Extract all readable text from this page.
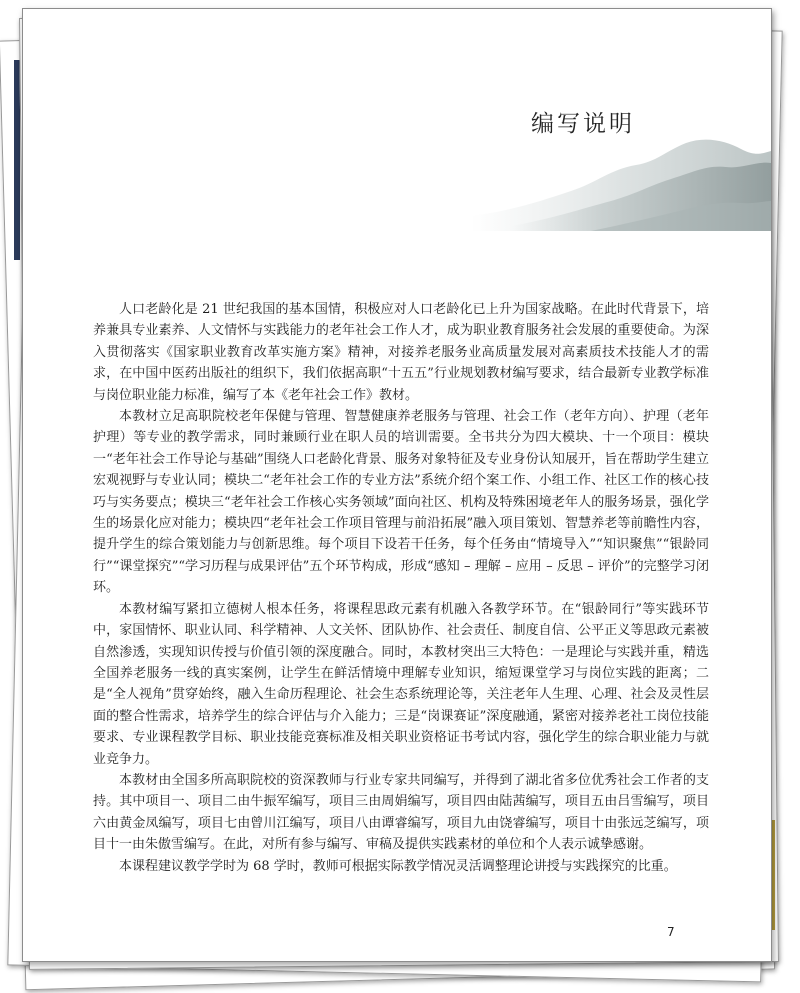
编写说明

人口老龄化是 21 世纪我国的基本国情，积极应对人口老龄化已上升为国家战略。在此时代背景下，培养兼具专业素养、人文情怀与实践能力的老年社会工作人才，成为职业教育服务社会发展的重要使命。为深入贯彻落实《国家职业教育改革实施方案》精神，对接养老服务业高质量发展对高素质技术技能人才的需求，在中国中医药出版社的组织下，我们依据高职“十五五”行业规划教材编写要求，结合最新专业教学标准与岗位职业能力标准，编写了本《老年社会工作》教材。

本教材立足高职院校老年保健与管理、智慧健康养老服务与管理、社会工作（老年方向）、护理（老年护理）等专业的教学需求，同时兼顾行业在职人员的培训需要。全书共分为四大模块、十一个项目：模块一“老年社会工作导论与基础”围绕人口老龄化背景、服务对象特征及专业身份认知展开，旨在帮助学生建立宏观视野与专业认同；模块二“老年社会工作的专业方法”系统介绍个案工作、小组工作、社区工作的核心技巧与实务要点；模块三“老年社会工作核心实务领域”面向社区、机构及特殊困境老年人的服务场景，强化学生的场景化应对能力；模块四“老年社会工作项目管理与前沿拓展”融入项目策划、智慧养老等前瞻性内容，提升学生的综合策划能力与创新思维。每个项目下设若干任务，每个任务由“情境导入”“知识聚焦”“银龄同行”“课堂探究”“学习历程与成果评估”五个环节构成，形成“感知 – 理解 – 应用 – 反思 – 评价”的完整学习闭环。

本教材编写紧扣立德树人根本任务，将课程思政元素有机融入各教学环节。在“银龄同行”等实践环节中，家国情怀、职业认同、科学精神、人文关怀、团队协作、社会责任、制度自信、公平正义等思政元素被自然渗透，实现知识传授与价值引领的深度融合。同时，本教材突出三大特色：一是理论与实践并重，精选全国养老服务一线的真实案例，让学生在鲜活情境中理解专业知识，缩短课堂学习与岗位实践的距离；二是“全人视角”贯穿始终，融入生命历程理论、社会生态系统理论等，关注老年人生理、心理、社会及灵性层面的整合性需求，培养学生的综合评估与介入能力；三是“岗课赛证”深度融通，紧密对接养老社工岗位技能要求、专业课程教学目标、职业技能竞赛标准及相关职业资格证书考试内容，强化学生的综合职业能力与就业竞争力。

本教材由全国多所高职院校的资深教师与行业专家共同编写，并得到了湖北省多位优秀社会工作者的支持。其中项目一、项目二由牛振军编写，项目三由周娟编写，项目四由陆茜编写，项目五由吕雪编写，项目六由黄金凤编写，项目七由曾川江编写，项目八由谭睿编写，项目九由饶睿编写，项目十由张远芝编写，项目十一由朱傲雪编写。在此，对所有参与编写、审稿及提供实践素材的单位和个人表示诚挚感谢。

本课程建议教学学时为 68 学时，教师可根据实际教学情况灵活调整理论讲授与实践探究的比重。

7
